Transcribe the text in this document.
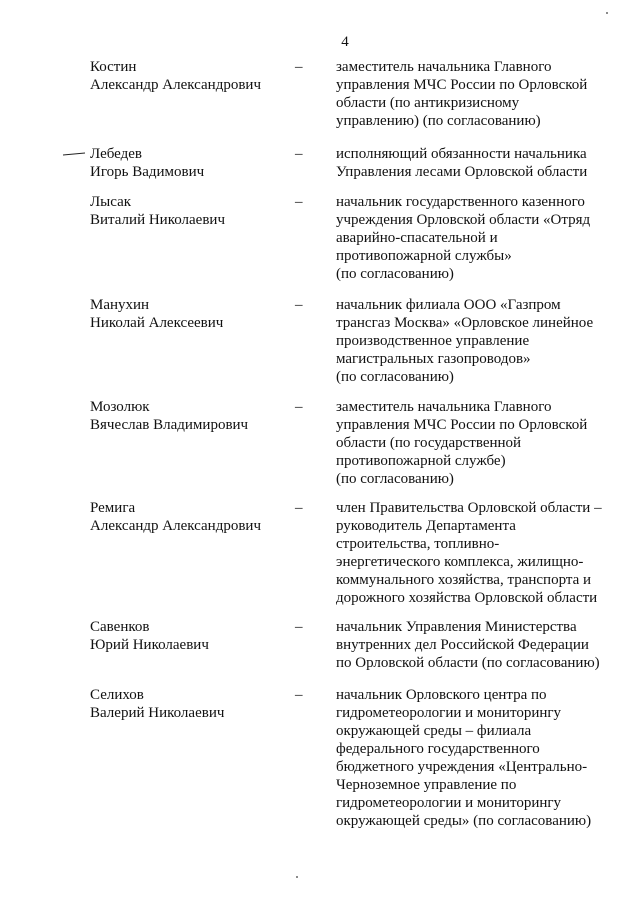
4
Костин
Александр Александрович
– заместитель начальника Главного
управления МЧС России по Орловской
области (по антикризисному
управлению) (по согласованию)
Лебедев
Игорь Вадимович
– исполняющий обязанности начальника
Управления лесами Орловской области
Лысак
Виталий Николаевич
– начальник государственного казенного
учреждения Орловской области «Отряд
аварийно-спасательной и
противопожарной службы»
(по согласованию)
Манухин
Николай Алексеевич
– начальник филиала ООО «Газпром
трансгаз Москва» «Орловское линейное
производственное управление
магистральных газопроводов»
(по согласованию)
Мозолюк
Вячеслав Владимирович
– заместитель начальника Главного
управления МЧС России по Орловской
области (по государственной
противопожарной службе)
(по согласованию)
Ремига
Александр Александрович
– член Правительства Орловской области –
руководитель Департамента
строительства, топливно-
энергетического комплекса, жилищно-
коммунального хозяйства, транспорта и
дорожного хозяйства Орловской области
Савенков
Юрий Николаевич
– начальник Управления Министерства
внутренних дел Российской Федерации
по Орловской области (по согласованию)
Селихов
Валерий Николаевич
– начальник Орловского центра по
гидрометеорологии и мониторингу
окружающей среды – филиала
федерального государственного
бюджетного учреждения «Центрально-
Черноземное управление по
гидрометеорологии и мониторингу
окружающей среды» (по согласованию)
